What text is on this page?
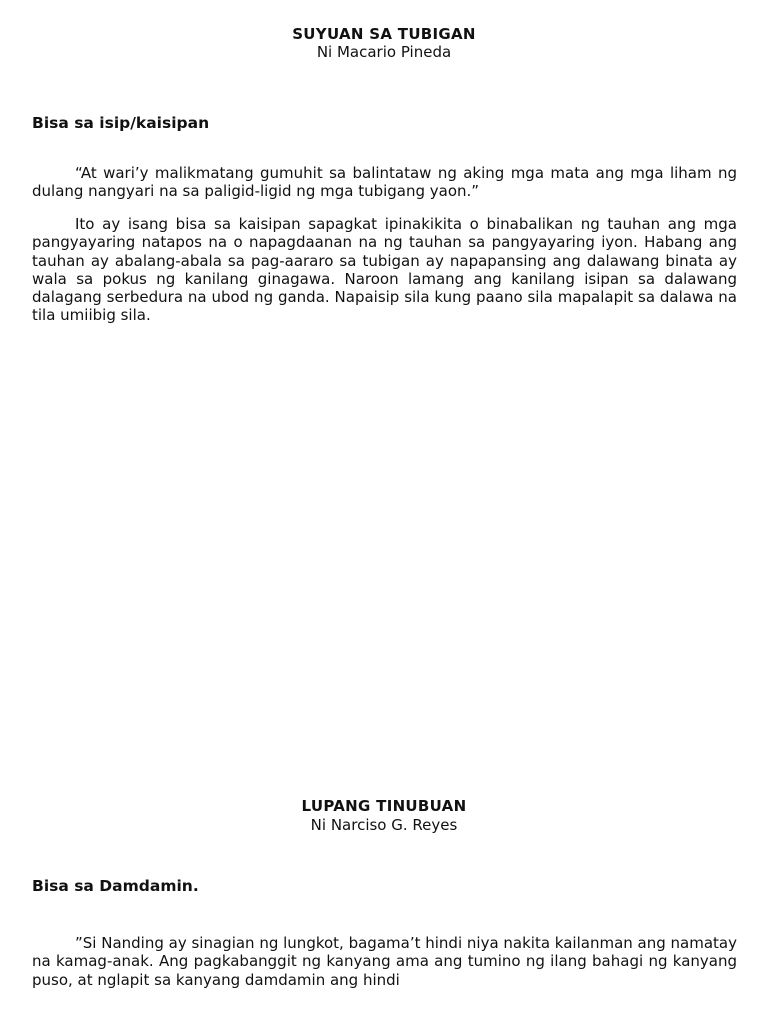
SUYUAN SA TUBIGAN
Ni Macario Pineda
Bisa sa isip/kaisipan

“At wari’y malikmatang gumuhit sa balintataw ng aking mga mata ang mga liham ng dulang nangyari na sa paligid-ligid ng mga tubigang yaon.”

Ito ay isang bisa sa kaisipan sapagkat ipinakikita o binabalikan ng tauhan ang mga pangyayaring natapos na o napagdaanan na ng tauhan sa pangyayaring iyon. Habang ang tauhan ay abalang-abala sa pag-aararo sa tubigan ay napapansing ang dalawang binata ay wala sa pokus ng kanilang ginagawa. Naroon lamang ang kanilang isipan sa dalawang dalagang serbedura na ubod ng ganda. Napaisip sila kung paano sila mapalapit sa dalawa na tila umiibig sila.

LUPANG TINUBUAN
Ni Narciso G. Reyes
Bisa sa Damdamin.

”Si Nanding ay sinagian ng lungkot, bagama’t hindi niya nakita kailanman ang namatay na kamag-anak. Ang pagkabanggit ng kanyang ama ang tumino ng ilang bahagi ng kanyang puso, at nglapit sa kanyang damdamin ang hindi
